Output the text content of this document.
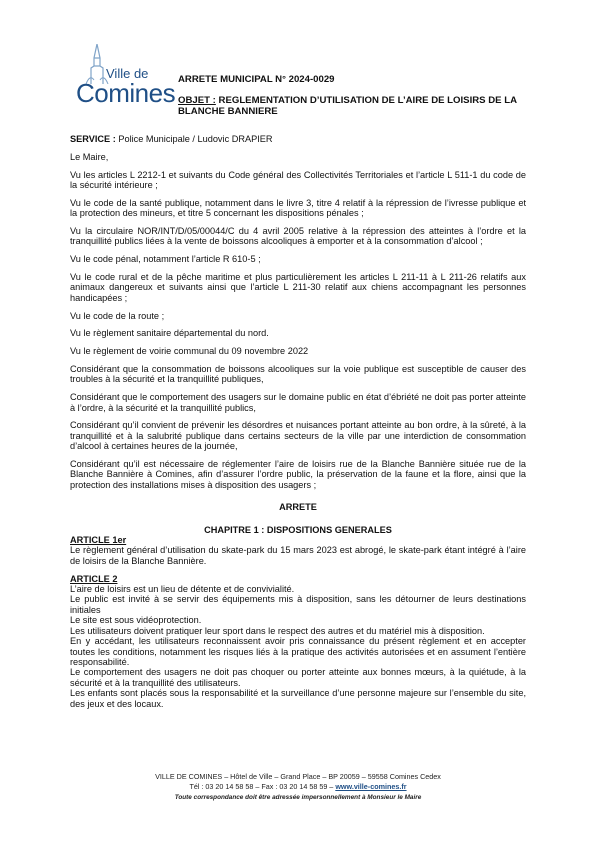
Ville de
Comines ARRETE MUNICIPAL N° 2024-0029

OBJET : REGLEMENTATION D’UTILISATION DE L’AIRE DE LOISIRS DE LA BLANCHE BANNIERE

SERVICE : Police Municipale / Ludovic DRAPIER

Le Maire,

Vu les articles L 2212-1 et suivants du Code général des Collectivités Territoriales et l’article L 511-1 du code de la sécurité intérieure ;

Vu le code de la santé publique, notamment dans le livre 3, titre 4 relatif à la répression de l’ivresse publique et la protection des mineurs, et titre 5 concernant les dispositions pénales ;

Vu la circulaire NOR/INT/D/05/00044/C du 4 avril 2005 relative à la répression des atteintes à l’ordre et la tranquillité publics liées à la vente de boissons alcooliques à emporter et à la consommation d’alcool ;

Vu le code pénal, notamment l’article R 610-5 ;

Vu le code rural et de la pêche maritime et plus particulièrement les articles L 211-11 à L 211-26 relatifs aux animaux dangereux et suivants ainsi que l’article L 211-30 relatif aux chiens accompagnant les personnes handicapées ;

Vu le code de la route ;

Vu le règlement sanitaire départemental du nord.

Vu le règlement de voirie communal du 09 novembre 2022

Considérant que la consommation de boissons alcooliques sur la voie publique est susceptible de causer des troubles à la sécurité et la tranquillité publiques,

Considérant que le comportement des usagers sur le domaine public en état d’ébriété ne doit pas porter atteinte à l’ordre, à la sécurité et la tranquillité publics,

Considérant qu’il convient de prévenir les désordres et nuisances portant atteinte au bon ordre, à la sûreté, à la tranquillité et à la salubrité publique dans certains secteurs de la ville par une interdiction de consommation d’alcool à certaines heures de la journée,

Considérant qu’il est nécessaire de réglementer l’aire de loisirs rue de la Blanche Bannière située rue de la Blanche Bannière à Comines, afin d’assurer l’ordre public, la préservation de la faune et la flore, ainsi que la protection des installations mises à disposition des usagers ;

ARRETE

CHAPITRE 1 : DISPOSITIONS GENERALES

ARTICLE 1er

Le règlement général d’utilisation du skate-park du 15 mars 2023 est abrogé, le skate-park étant intégré à l’aire de loisirs de la Blanche Bannière.

ARTICLE 2

L’aire de loisirs est un lieu de détente et de convivialité.

Le public est invité à se servir des équipements mis à disposition, sans les détourner de leurs destinations initiales

Le site est sous vidéoprotection.

Les utilisateurs doivent pratiquer leur sport dans le respect des autres et du matériel mis à disposition.

En y accédant, les utilisateurs reconnaissent avoir pris connaissance du présent règlement et en accepter toutes les conditions, notamment les risques liés à la pratique des activités autorisées et en assument l’entière responsabilité.

Le comportement des usagers ne doit pas choquer ou porter atteinte aux bonnes mœurs, à la quiétude, à la sécurité et à la tranquillité des utilisateurs.

Les enfants sont placés sous la responsabilité et la surveillance d’une personne majeure sur l’ensemble du site, des jeux et des locaux.

VILLE DE COMINES – Hôtel de Ville – Grand Place – BP 20059 – 59558 Comines Cedex
Tél : 03 20 14 58 58 – Fax : 03 20 14 58 59 – www.ville-comines.fr
Toute correspondance doit être adressée impersonnellement à Monsieur le Maire
